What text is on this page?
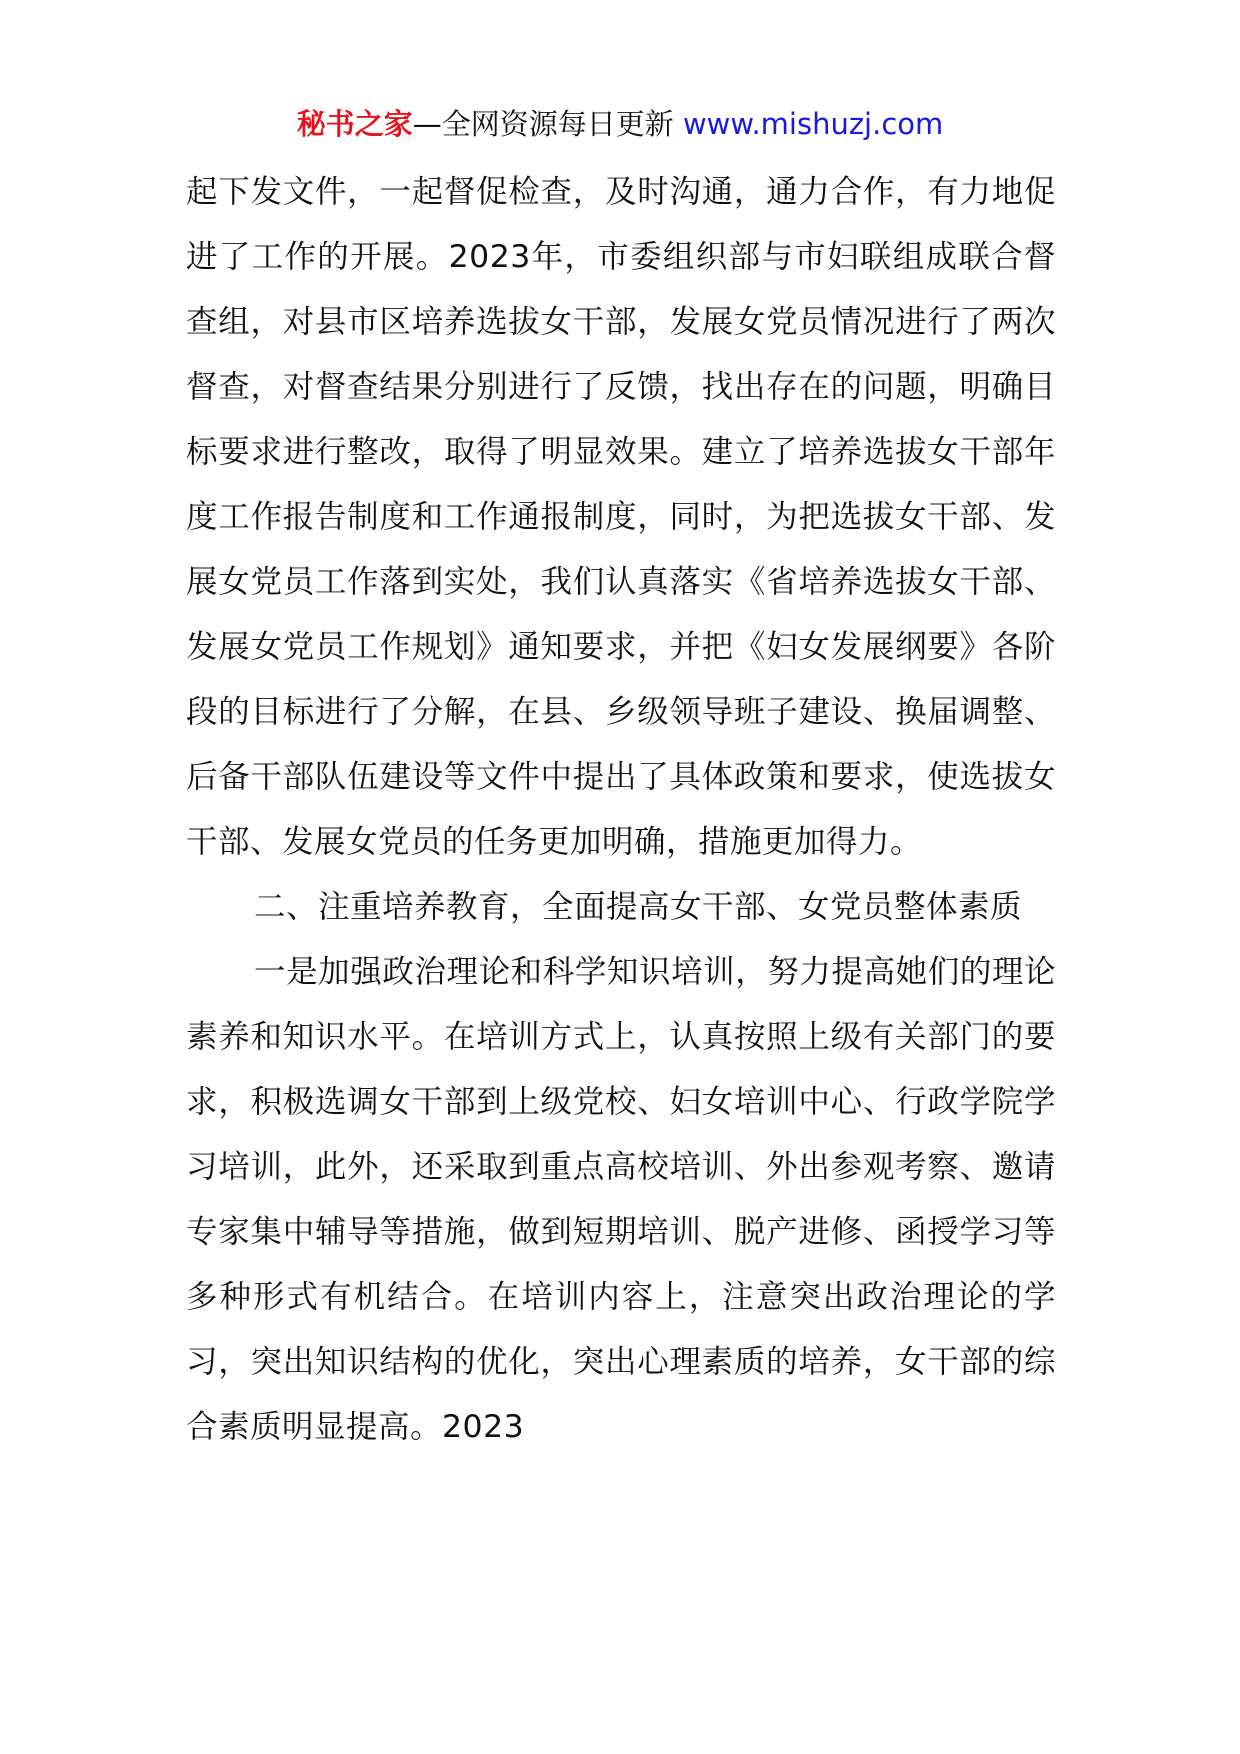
秘书之家—全网资源每日更新 www.mishuzj.com

起下发文件，一起督促检查，及时沟通，通力合作，有力地促进了工作的开展。2023年，市委组织部与市妇联组成联合督查组，对县市区培养选拔女干部，发展女党员情况进行了两次督查，对督查结果分别进行了反馈，找出存在的问题，明确目标要求进行整改，取得了明显效果。建立了培养选拔女干部年度工作报告制度和工作通报制度，同时，为把选拔女干部、发展女党员工作落到实处，我们认真落实《省培养选拔女干部、发展女党员工作规划》通知要求，并把《妇女发展纲要》各阶段的目标进行了分解，在县、乡级领导班子建设、换届调整、后备干部队伍建设等文件中提出了具体政策和要求，使选拔女干部、发展女党员的任务更加明确，措施更加得力。

二、注重培养教育，全面提高女干部、女党员整体素质

一是加强政治理论和科学知识培训，努力提高她们的理论素养和知识水平。在培训方式上，认真按照上级有关部门的要求，积极选调女干部到上级党校、妇女培训中心、行政学院学习培训，此外，还采取到重点高校培训、外出参观考察、邀请专家集中辅导等措施，做到短期培训、脱产进修、函授学习等多种形式有机结合。在培训内容上，注意突出政治理论的学习，突出知识结构的优化，突出心理素质的培养，女干部的综合素质明显提高。2023
